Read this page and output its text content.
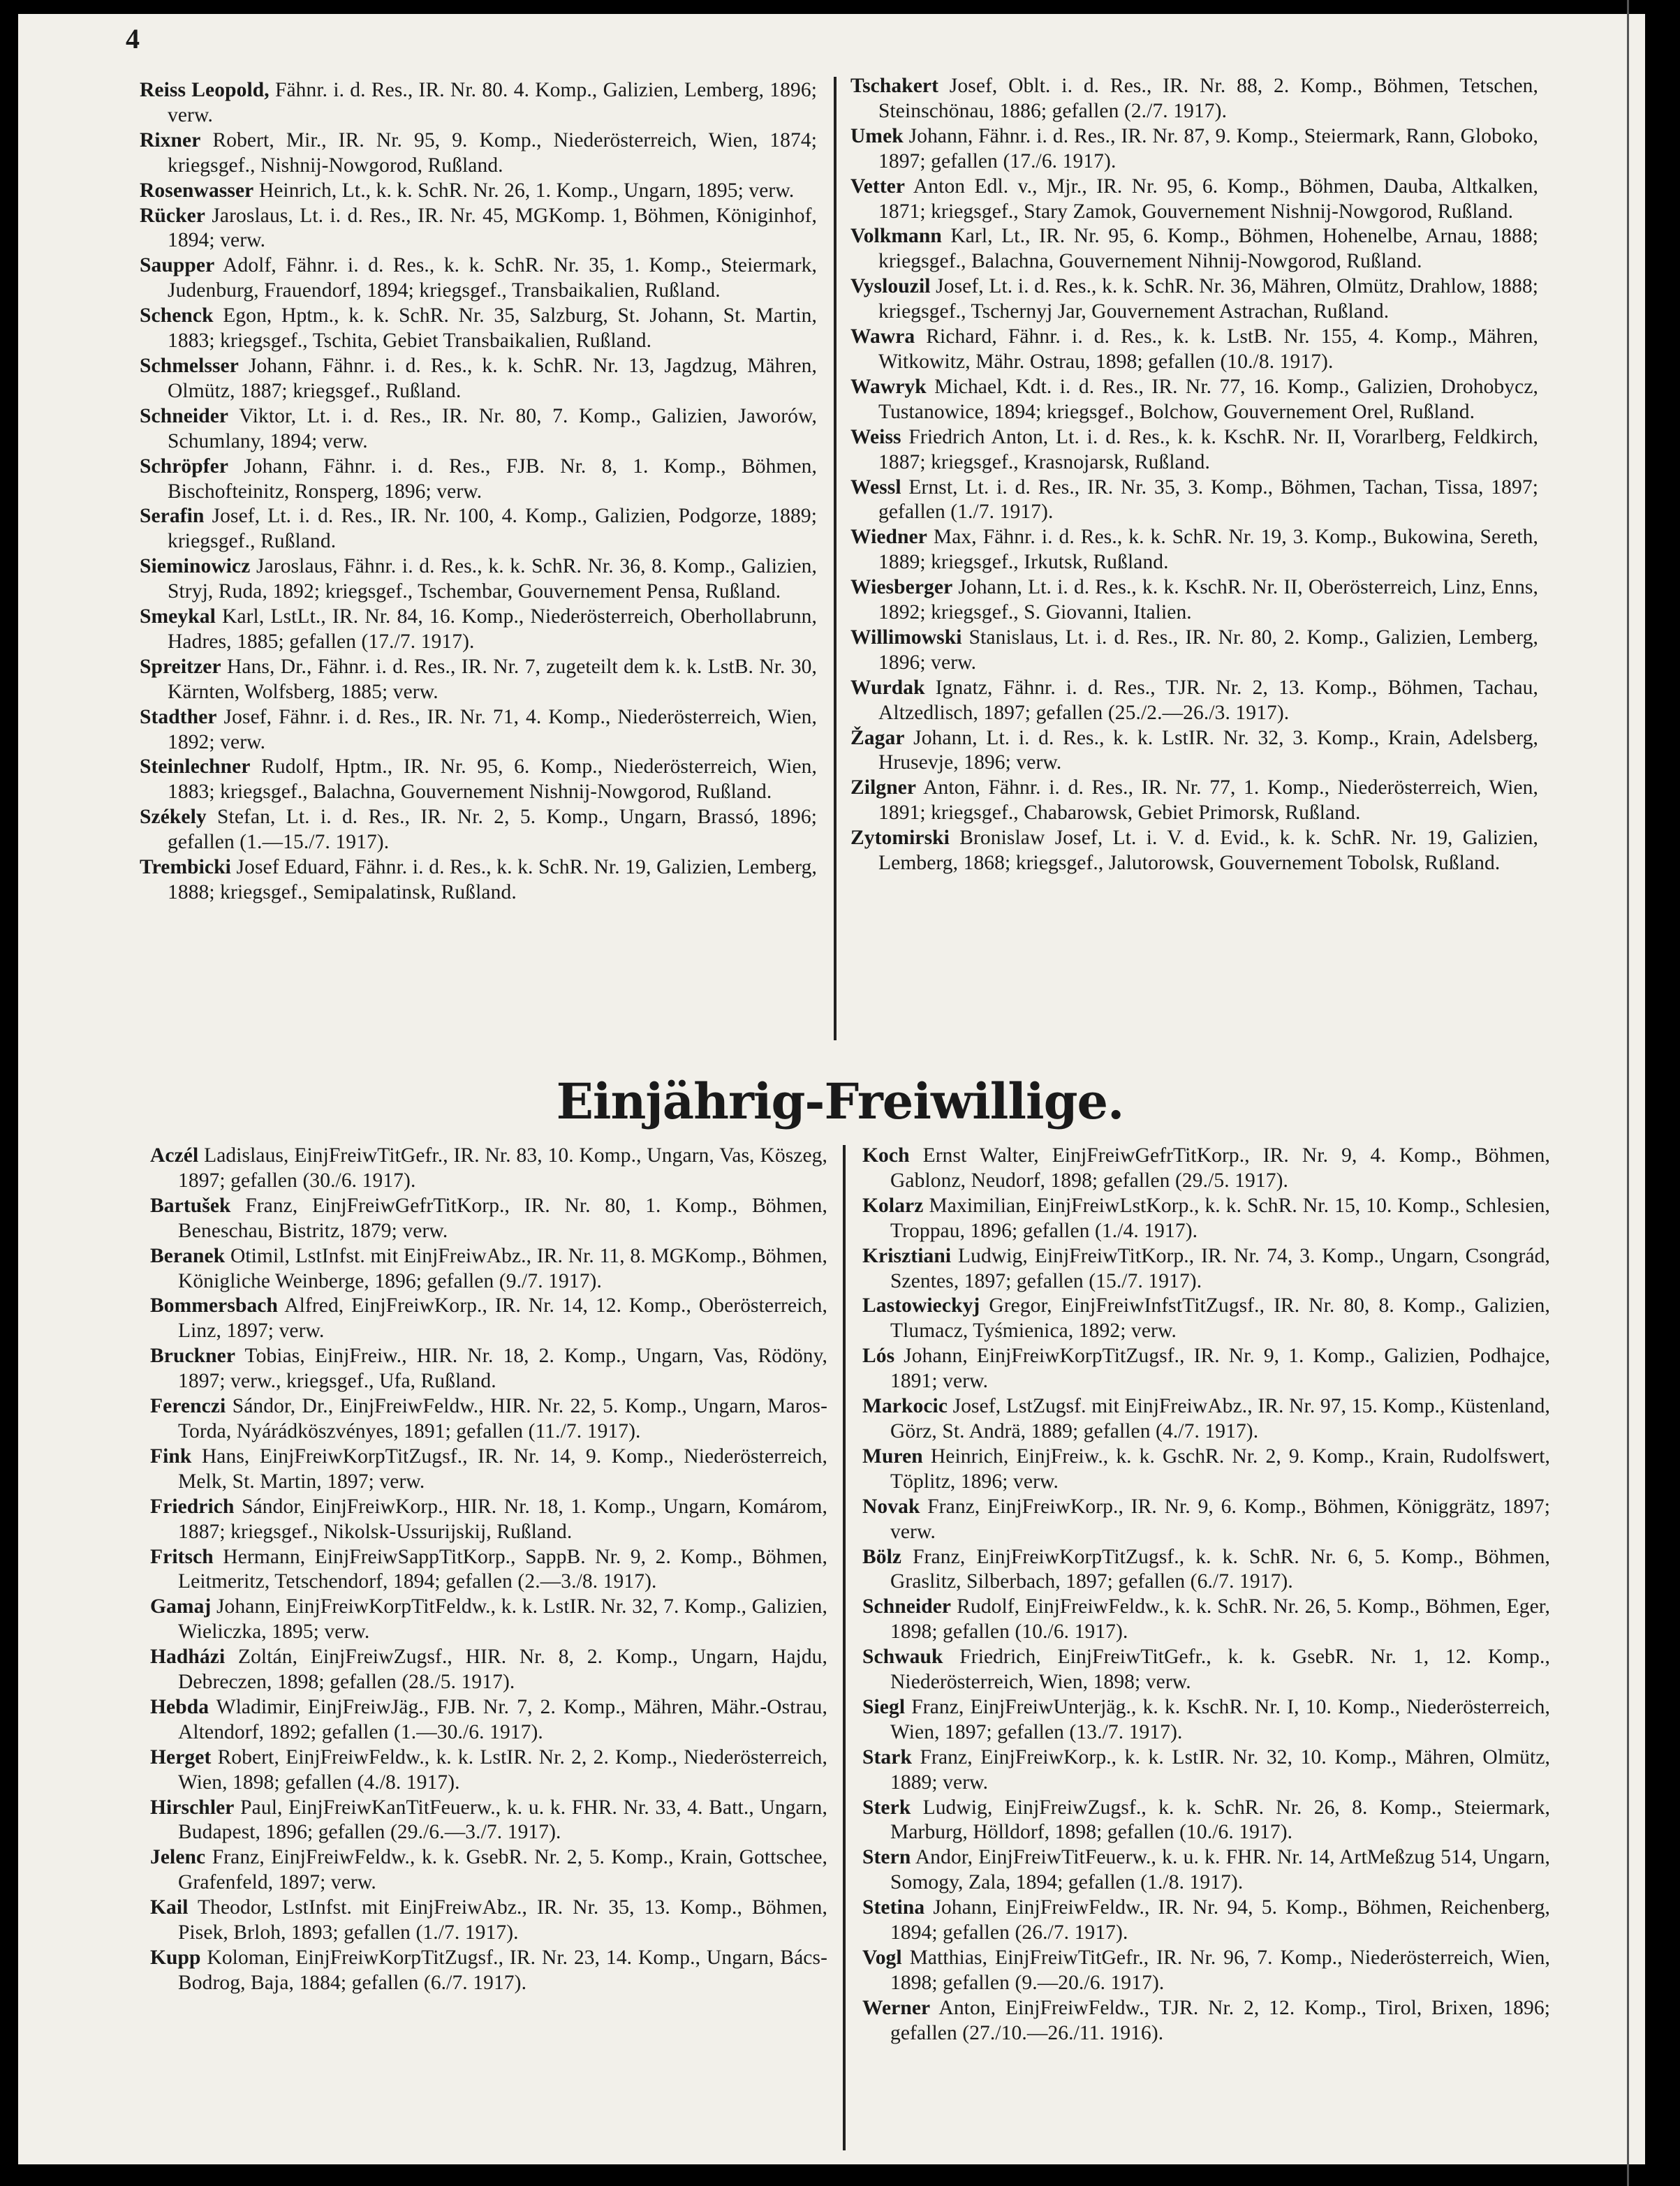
4

Reiss Leopold, Fähnr. i. d. Res., IR. Nr. 80. 4. Komp., Galizien, Lemberg, 1896; verw.

Rixner Robert, Mir., IR. Nr. 95, 9. Komp., Niederösterreich, Wien, 1874; kriegsgef., Nishnij-Nowgorod, Rußland.

Rosenwasser Heinrich, Lt., k. k. SchR. Nr. 26, 1. Komp., Ungarn, 1895; verw.

Rücker Jaroslaus, Lt. i. d. Res., IR. Nr. 45, MGKomp. 1, Böhmen, Königinhof, 1894; verw.

Saupper Adolf, Fähnr. i. d. Res., k. k. SchR. Nr. 35, 1. Komp., Steiermark, Judenburg, Frauendorf, 1894; kriegsgef., Transbaikalien, Rußland.

Schenck Egon, Hptm., k. k. SchR. Nr. 35, Salzburg, St. Johann, St. Martin, 1883; kriegsgef., Tschita, Gebiet Transbaikalien, Rußland.

Schmelsser Johann, Fähnr. i. d. Res., k. k. SchR. Nr. 13, Jagdzug, Mähren, Olmütz, 1887; kriegsgef., Rußland.

Schneider Viktor, Lt. i. d. Res., IR. Nr. 80, 7. Komp., Galizien, Jaworów, Schumlany, 1894; verw.

Schröpfer Johann, Fähnr. i. d. Res., FJB. Nr. 8, 1. Komp., Böhmen, Bischofteinitz, Ronsperg, 1896; verw.

Serafin Josef, Lt. i. d. Res., IR. Nr. 100, 4. Komp., Galizien, Podgorze, 1889; kriegsgef., Rußland.

Sieminowicz Jaroslaus, Fähnr. i. d. Res., k. k. SchR. Nr. 36, 8. Komp., Galizien, Stryj, Ruda, 1892; kriegsgef., Tschembar, Gouvernement Pensa, Rußland.

Smeykal Karl, LstLt., IR. Nr. 84, 16. Komp., Niederösterreich, Oberhollabrunn, Hadres, 1885; gefallen (17./7. 1917).

Spreitzer Hans, Dr., Fähnr. i. d. Res., IR. Nr. 7, zugeteilt dem k. k. LstB. Nr. 30, Kärnten, Wolfsberg, 1885; verw.

Stadther Josef, Fähnr. i. d. Res., IR. Nr. 71, 4. Komp., Niederösterreich, Wien, 1892; verw.

Steinlechner Rudolf, Hptm., IR. Nr. 95, 6. Komp., Niederösterreich, Wien, 1883; kriegsgef., Balachna, Gouvernement Nishnij-Nowgorod, Rußland.

Székely Stefan, Lt. i. d. Res., IR. Nr. 2, 5. Komp., Ungarn, Brassó, 1896; gefallen (1.—15./7. 1917).

Trembicki Josef Eduard, Fähnr. i. d. Res., k. k. SchR. Nr. 19, Galizien, Lemberg, 1888; kriegsgef., Semipalatinsk, Rußland.

Tschakert Josef, Oblt. i. d. Res., IR. Nr. 88, 2. Komp., Böhmen, Tetschen, Steinschönau, 1886; gefallen (2./7. 1917).

Umek Johann, Fähnr. i. d. Res., IR. Nr. 87, 9. Komp., Steiermark, Rann, Globoko, 1897; gefallen (17./6. 1917).

Vetter Anton Edl. v., Mjr., IR. Nr. 95, 6. Komp., Böhmen, Dauba, Altkalken, 1871; kriegsgef., Stary Zamok, Gouvernement Nishnij-Nowgorod, Rußland.

Volkmann Karl, Lt., IR. Nr. 95, 6. Komp., Böhmen, Hohenelbe, Arnau, 1888; kriegsgef., Balachna, Gouvernement Nihnij-Nowgorod, Rußland.

Vyslouzil Josef, Lt. i. d. Res., k. k. SchR. Nr. 36, Mähren, Olmütz, Drahlow, 1888; kriegsgef., Tschernyj Jar, Gouvernement Astrachan, Rußland.

Wawra Richard, Fähnr. i. d. Res., k. k. LstB. Nr. 155, 4. Komp., Mähren, Witkowitz, Mähr. Ostrau, 1898; gefallen (10./8. 1917).

Wawryk Michael, Kdt. i. d. Res., IR. Nr. 77, 16. Komp., Galizien, Drohobycz, Tustanowice, 1894; kriegsgef., Bolchow, Gouvernement Orel, Rußland.

Weiss Friedrich Anton, Lt. i. d. Res., k. k. KschR. Nr. II, Vorarlberg, Feldkirch, 1887; kriegsgef., Krasnojarsk, Rußland.

Wessl Ernst, Lt. i. d. Res., IR. Nr. 35, 3. Komp., Böhmen, Tachan, Tissa, 1897; gefallen (1./7. 1917).

Wiedner Max, Fähnr. i. d. Res., k. k. SchR. Nr. 19, 3. Komp., Bukowina, Sereth, 1889; kriegsgef., Irkutsk, Rußland.

Wiesberger Johann, Lt. i. d. Res., k. k. KschR. Nr. II, Oberösterreich, Linz, Enns, 1892; kriegsgef., S. Giovanni, Italien.

Willimowski Stanislaus, Lt. i. d. Res., IR. Nr. 80, 2. Komp., Galizien, Lemberg, 1896; verw.

Wurdak Ignatz, Fähnr. i. d. Res., TJR. Nr. 2, 13. Komp., Böhmen, Tachau, Altzedlisch, 1897; gefallen (25./2.—26./3. 1917).

Žagar Johann, Lt. i. d. Res., k. k. LstIR. Nr. 32, 3. Komp., Krain, Adelsberg, Hrusevje, 1896; verw.

Zilgner Anton, Fähnr. i. d. Res., IR. Nr. 77, 1. Komp., Niederösterreich, Wien, 1891; kriegsgef., Chabarowsk, Gebiet Primorsk, Rußland.

Zytomirski Bronislaw Josef, Lt. i. V. d. Evid., k. k. SchR. Nr. 19, Galizien, Lemberg, 1868; kriegsgef., Jalutorowsk, Gouvernement Tobolsk, Rußland.

Einjährig-Freiwillige.

Aczél Ladislaus, EinjFreiwTitGefr., IR. Nr. 83, 10. Komp., Ungarn, Vas, Köszeg, 1897; gefallen (30./6. 1917).

Bartušek Franz, EinjFreiwGefrTitKorp., IR. Nr. 80, 1. Komp., Böhmen, Beneschau, Bistritz, 1879; verw.

Beranek Otimil, LstInfst. mit EinjFreiwAbz., IR. Nr. 11, 8. MGKomp., Böhmen, Königliche Weinberge, 1896; gefallen (9./7. 1917).

Bommersbach Alfred, EinjFreiwKorp., IR. Nr. 14, 12. Komp., Oberösterreich, Linz, 1897; verw.

Bruckner Tobias, EinjFreiw., HIR. Nr. 18, 2. Komp., Ungarn, Vas, Rödöny, 1897; verw., kriegsgef., Ufa, Rußland.

Ferenczi Sándor, Dr., EinjFreiwFeldw., HIR. Nr. 22, 5. Komp., Ungarn, Maros-Torda, Nyárádköszvényes, 1891; gefallen (11./7. 1917).

Fink Hans, EinjFreiwKorpTitZugsf., IR. Nr. 14, 9. Komp., Niederösterreich, Melk, St. Martin, 1897; verw.

Friedrich Sándor, EinjFreiwKorp., HIR. Nr. 18, 1. Komp., Ungarn, Komárom, 1887; kriegsgef., Nikolsk-Ussurijskij, Rußland.

Fritsch Hermann, EinjFreiwSappTitKorp., SappB. Nr. 9, 2. Komp., Böhmen, Leitmeritz, Tetschendorf, 1894; gefallen (2.—3./8. 1917).

Gamaj Johann, EinjFreiwKorpTitFeldw., k. k. LstIR. Nr. 32, 7. Komp., Galizien, Wieliczka, 1895; verw.

Hadházi Zoltán, EinjFreiwZugsf., HIR. Nr. 8, 2. Komp., Ungarn, Hajdu, Debreczen, 1898; gefallen (28./5. 1917).

Hebda Wladimir, EinjFreiwJäg., FJB. Nr. 7, 2. Komp., Mähren, Mähr.-Ostrau, Altendorf, 1892; gefallen (1.—30./6. 1917).

Herget Robert, EinjFreiwFeldw., k. k. LstIR. Nr. 2, 2. Komp., Niederösterreich, Wien, 1898; gefallen (4./8. 1917).

Hirschler Paul, EinjFreiwKanTitFeuerw., k. u. k. FHR. Nr. 33, 4. Batt., Ungarn, Budapest, 1896; gefallen (29./6.—3./7. 1917).

Jelenc Franz, EinjFreiwFeldw., k. k. GsebR. Nr. 2, 5. Komp., Krain, Gottschee, Grafenfeld, 1897; verw.

Kail Theodor, LstInfst. mit EinjFreiwAbz., IR. Nr. 35, 13. Komp., Böhmen, Pisek, Brloh, 1893; gefallen (1./7. 1917).

Kupp Koloman, EinjFreiwKorpTitZugsf., IR. Nr. 23, 14. Komp., Ungarn, Bács-Bodrog, Baja, 1884; gefallen (6./7. 1917).

Koch Ernst Walter, EinjFreiwGefrTitKorp., IR. Nr. 9, 4. Komp., Böhmen, Gablonz, Neudorf, 1898; gefallen (29./5. 1917).

Kolarz Maximilian, EinjFreiwLstKorp., k. k. SchR. Nr. 15, 10. Komp., Schlesien, Troppau, 1896; gefallen (1./4. 1917).

Krisztiani Ludwig, EinjFreiwTitKorp., IR. Nr. 74, 3. Komp., Ungarn, Csongrád, Szentes, 1897; gefallen (15./7. 1917).

Lastowieckyj Gregor, EinjFreiwInfstTitZugsf., IR. Nr. 80, 8. Komp., Galizien, Tlumacz, Tyśmienica, 1892; verw.

Lós Johann, EinjFreiwKorpTitZugsf., IR. Nr. 9, 1. Komp., Galizien, Podhajce, 1891; verw.

Markocic Josef, LstZugsf. mit EinjFreiwAbz., IR. Nr. 97, 15. Komp., Küstenland, Görz, St. Andrä, 1889; gefallen (4./7. 1917).

Muren Heinrich, EinjFreiw., k. k. GschR. Nr. 2, 9. Komp., Krain, Rudolfswert, Töplitz, 1896; verw.

Novak Franz, EinjFreiwKorp., IR. Nr. 9, 6. Komp., Böhmen, Königgrätz, 1897; verw.

Bölz Franz, EinjFreiwKorpTitZugsf., k. k. SchR. Nr. 6, 5. Komp., Böhmen, Graslitz, Silberbach, 1897; gefallen (6./7. 1917).

Schneider Rudolf, EinjFreiwFeldw., k. k. SchR. Nr. 26, 5. Komp., Böhmen, Eger, 1898; gefallen (10./6. 1917).

Schwauk Friedrich, EinjFreiwTitGefr., k. k. GsebR. Nr. 1, 12. Komp., Niederösterreich, Wien, 1898; verw.

Siegl Franz, EinjFreiwUnterjäg., k. k. KschR. Nr. I, 10. Komp., Niederösterreich, Wien, 1897; gefallen (13./7. 1917).

Stark Franz, EinjFreiwKorp., k. k. LstIR. Nr. 32, 10. Komp., Mähren, Olmütz, 1889; verw.

Sterk Ludwig, EinjFreiwZugsf., k. k. SchR. Nr. 26, 8. Komp., Steiermark, Marburg, Hölldorf, 1898; gefallen (10./6. 1917).

Stern Andor, EinjFreiwTitFeuerw., k. u. k. FHR. Nr. 14, ArtMeßzug 514, Ungarn, Somogy, Zala, 1894; gefallen (1./8. 1917).

Stetina Johann, EinjFreiwFeldw., IR. Nr. 94, 5. Komp., Böhmen, Reichenberg, 1894; gefallen (26./7. 1917).

Vogl Matthias, EinjFreiwTitGefr., IR. Nr. 96, 7. Komp., Niederösterreich, Wien, 1898; gefallen (9.—20./6. 1917).

Werner Anton, EinjFreiwFeldw., TJR. Nr. 2, 12. Komp., Tirol, Brixen, 1896; gefallen (27./10.—26./11. 1916).
